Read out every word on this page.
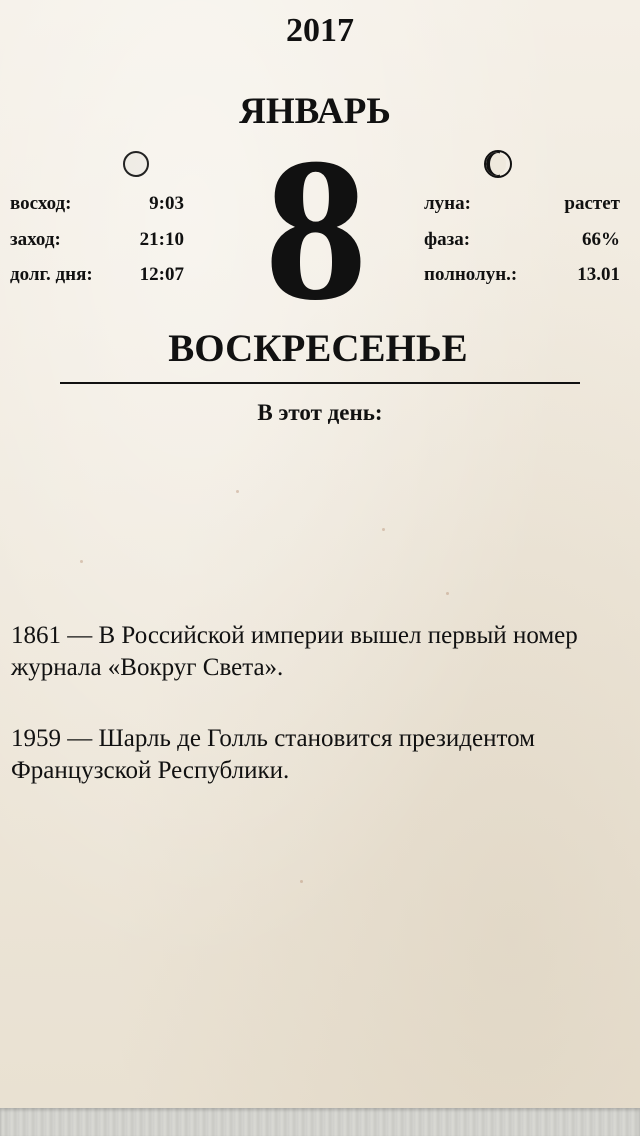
2017
ЯНВАРЬ
8
восход:	9:03
заход:	21:10
долг. дня:	12:07
луна:	растет
фаза:	66%
полнолун.:	13.01
ВОСКРЕСЕНЬЕ
В этот день:

1861 — В Российской империи вышел первый номер журнала «Вокруг Света».

1959 — Шарль де Голль становится президентом Французской Республики.
